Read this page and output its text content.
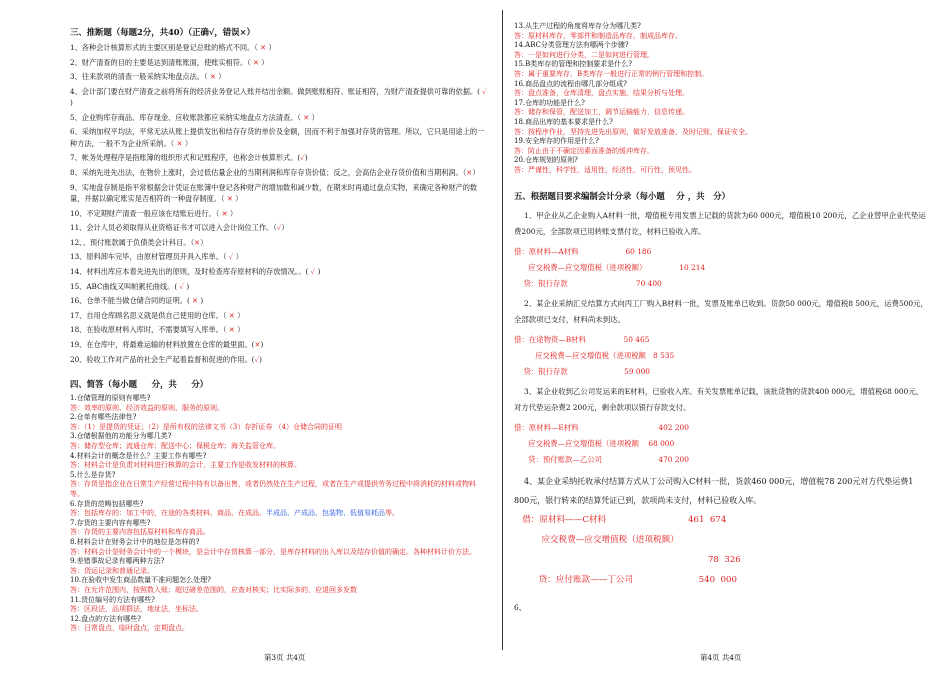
三、推断题（每题2分，共40）（正确√，错误×）

1、各种会计核算形式的主要区别是登记总账的格式不同。（ ✕ ）

2、财产清查的目的主要是达到清账账面，使账实相符。（ ✕ ）

3、往来款项的清查一般采纳实地盘点法。（ ✕ ）

4、会计部门要在财产清查之前将所有的经济业务登记入账并结出余额。做到账账相符、账证相符，为财产清查提供可靠的依据。( ✓ )

5、企业购库存商品、库存现金、应收账款都应采纳实地盘点方法清查。（ ✕ ）

6、采纳加权平均法，平常无法从账上提供发出和结存存货的单价及金额，因而不利于加强对存货的管理。所以，它只是用途上的一种方法，一般不为企业所采纳。（ ✕ ）

7、帐务处理程序是指账簿的组织形式和记账程序，也称会计核算形式。(✓)

8、采纳先进先出法，在物价上涨时，会过低估量企业的当期利润和库存存货价值；反之，会高估企业存货价值和当期利润。（✕）

9、实地盘存制是指平常根据会计凭证在账簿中登记各种财产的增加数和减少数，在期末时再通过盘点实物，来确定各种财产的数量，并据以确定账实是否相符的一种盘存制度。（ ✕ ）

10、不定期财产清查一般应该在结账后进行。（ ✕ ）

11、会计人员必须取得从业资格证书才可以进入会计岗位工作。（✓）

12、、预付账款属于负债类会计科目。（✕）

13、原料卸车完毕，由原材管理员开具入库单。（ ✓ ）

14、材料出库应本着先进先出的原则，及时检查库存原材料的存放情况。。( ✓ )

15、ABC曲线又叫帕累托曲线。( ✓ )

16、仓单不能当做仓储合同的证明。( ✕ )

17、自用仓库顾名思义就是供自己使用的仓库。（ ✕ ）

18、在验收原材料入库时，不需要填写入库单。（ ✕ ）

19、在仓库中，将最难运输的材料放置在仓库的最里面。(✕)

20、验收工作对产品的社会生产起着监督和促进的作用。(✓)

四、简答（每小题 分，共 分）

1.仓储管理的原则有哪些?

答：效率的原则、经济效益的原则、服务的原则。

2.仓单有哪些法律性?

答：（1）是提货的凭证；（2）是所有权的法律文书（3）存折证券 （4）仓储合同的证明

3.仓储根据他的功能分为哪几类?

答：储存型仓库；流通仓库；配送中心；保税仓库；海关监管仓库。

4.材料会计的概念是什么？主要工作有哪些?

答：材料会计是负责对材料进行核算的会计，主要工作是收发材料的核算。

5.什么是存货?

答：存货是指企业在日常生产经营过程中持有以备出售，或者仍然处在生产过程，或者在生产或提供劳务过程中将消耗的材料或物料等。

6.存货的范畴包括哪些?

答：包括库存的：加工中的，在途的各类材料、商品、在成品、半成品、产成品、包装物、低值易耗品等。

7.存货的主要内容有哪些?

答：存货的主要内容包括原材料和库存商品。

8.材料会计在财务会计中的地位是怎样的?

答：材料会计是财务会计中的一个模块，是会计中存货核算一部分，是库存材料的出入库以及结存价值的确定。各种材料计价方法。

9.差错事故记录有哪两种方法?

答：货运记录和普通记录。

10.在验收中发生商品数量不准问题怎么处理?

答：在允许范围内，按照数入账；超过磅差范围的，应查对核实；比实际多的，应退回多发数

11.货位编号的方法有哪些?

答：区段法，品项群法，地址法，坐标法。

12.盘点的方法有哪些?

答：日常盘点，临时盘点，定期盘点。

13.从生产过程的角度将库存分为哪几类?

答：原材料库存，零部件和制造品库存，制成品库存。

14.ABC分类管理方法有哪两个步骤?

答：一是如何进行分类，二是如何进行管理。

15.B类库存的管理和控制要求是什么?

答：属于重要库存，B类库存一般进行正常的例行管理和控制。

16.商品盘点的流程由哪几部分组成?

答：盘点准备，仓库清理，盘点实施，结果分析与处理。

17.仓库的功能是什么?

答：储存和保管，配送加工，调节运输能力，信息传递。

18.商品出库的基本要求是什么?

答：按程序作业，坚持先进先出原则，做好发放准备，及时记账，保证安全。

19.安全库存的作用是什么?

答：防止由于不确定因素而准备的缓冲库存。

20.仓库规划的原则?

答：严谨性，科学性，适用性，经济性，可行性，预见性。

五、根据题目要求编制会计分录（每小题 分 ，共 分）

1、甲企业从乙企业购入A材料一批，增值税专用发票上记载的货款为60 000元，增值税10 200元，乙企业替甲企业代垫运费200元，全部款项已用转账支票付讫，材料已验收入库。

借：原材料—A材料                    60 186

应交税费—应交增值税（进项税额）              10 214

贷：银行存款                             70 400

2、某企业采纳汇兑结算方式向丙工厂购入B材料一批，发票及账单已收到。货款50 000元，增值税8 500元，运费500元，全部款项已支付，材料尚未到达。

借：在途物资—B材料                50 465

应交税费—应交增值税（进项税额   8 535

贷：银行存款                        59 000

3、某企业收到乙公司发运来的E材料，已验收入库。有关发票账单记载，该批货物的货款400 000元，增值税68 000元，对方代垫运杂费2 200元，剩余款项以银行存款支付。

借：原材料—E材料                                  402 200

应交税费—应交增值税（进项税额    68 000

贷：预付账款—乙公司                        470 200

4、某企业采纳托收承付结算方式从丁公司购入C材料一批，货款460 000元，增值税78 200元对方代垫运费1 800元，银行转来的结算凭证已到，款项尚未支付，材料已验收入库。

借：原材料——C材料                              461  674

应交税费—应交增值税（进项税额）

78  326

贷：应付账款——丁公司                        540  000

6、

第3页 共4页	第4页 共4页
